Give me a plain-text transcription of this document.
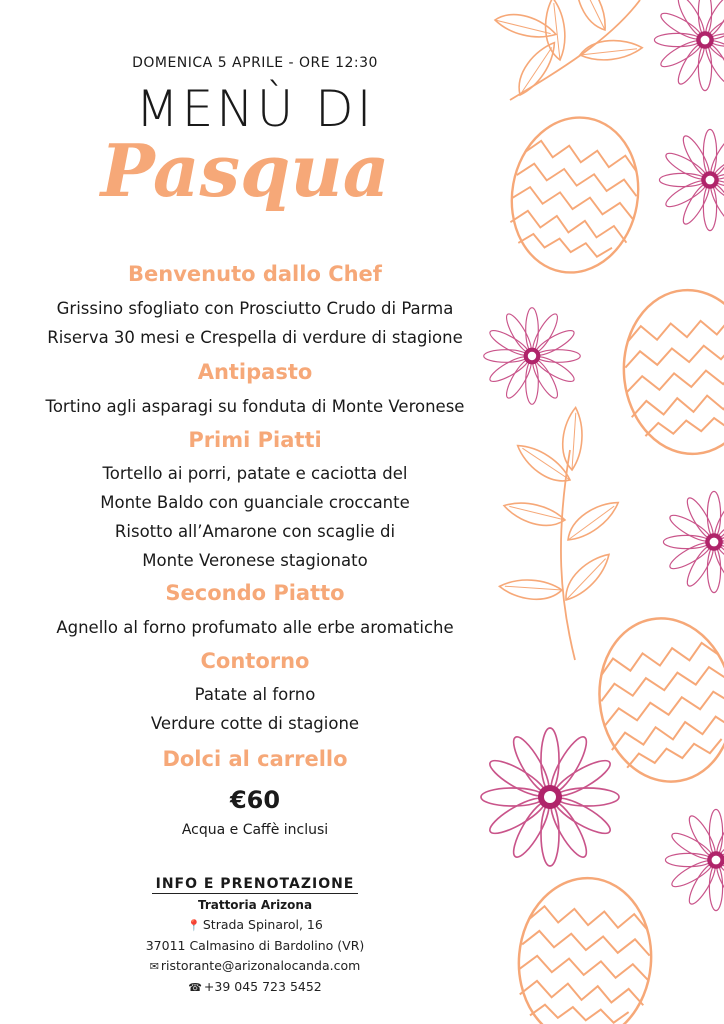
DOMENICA 5 APRILE - ORE 12:30
MENÙ DI
Pasqua
Benvenuto dallo Chef
Grissino sfogliato con Prosciutto Crudo di Parma
Riserva 30 mesi e Crespella di verdure di stagione
Antipasto
Tortino agli asparagi su fonduta di Monte Veronese
Primi Piatti
Tortello ai porri, patate e caciotta del
Monte Baldo con guanciale croccante
Risotto all’Amarone con scaglie di
Monte Veronese stagionato
Secondo Piatto
Agnello al forno profumato alle erbe aromatiche
Contorno
Patate al forno
Verdure cotte di stagione
Dolci al carrello
€60
Acqua e Caffè inclusi
INFO E PRENOTAZIONE
Trattoria Arizona
📍 Strada Spinarol, 16
37011 Calmasino di Bardolino (VR)
✉ ristorante@arizonalocanda.com
☎ +39 045 723 5452
